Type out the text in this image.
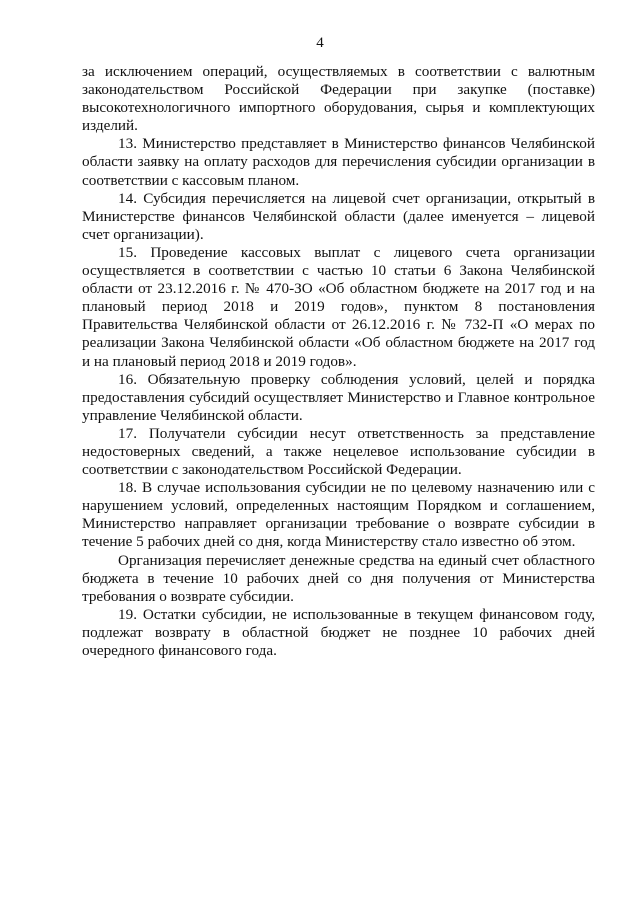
4

за исключением операций, осуществляемых в соответствии с валютным законодательством Российской Федерации при закупке (поставке) высокотехнологичного импортного оборудования, сырья и комплектующих изделий.

13. Министерство представляет в Министерство финансов Челябинской области заявку на оплату расходов для перечисления субсидии организации в соответствии с кассовым планом.

14. Субсидия перечисляется на лицевой счет организации, открытый в Министерстве финансов Челябинской области (далее именуется – лицевой счет организации).

15. Проведение кассовых выплат с лицевого счета организации осуществляется в соответствии с частью 10 статьи 6 Закона Челябинской области от 23.12.2016 г. № 470-ЗО «Об областном бюджете на 2017 год и на плановый период 2018 и 2019 годов», пунктом 8 постановления Правительства Челябинской области от 26.12.2016 г. № 732-П «О мерах по реализации Закона Челябинской области «Об областном бюджете на 2017 год и на плановый период 2018 и 2019 годов».

16. Обязательную проверку соблюдения условий, целей и порядка предоставления субсидий осуществляет Министерство и Главное контрольное управление Челябинской области.

17. Получатели субсидии несут ответственность за представление недостоверных сведений, а также нецелевое использование субсидии в соответствии с законодательством Российской Федерации.

18. В случае использования субсидии не по целевому назначению или с нарушением условий, определенных настоящим Порядком и соглашением, Министерство направляет организации требование о возврате субсидии в течение 5 рабочих дней со дня, когда Министерству стало известно об этом.

Организация перечисляет денежные средства на единый счет областного бюджета в течение 10 рабочих дней со дня получения от Министерства требования о возврате субсидии.

19. Остатки субсидии, не использованные в текущем финансовом году, подлежат возврату в областной бюджет не позднее 10 рабочих дней очередного финансового года.
